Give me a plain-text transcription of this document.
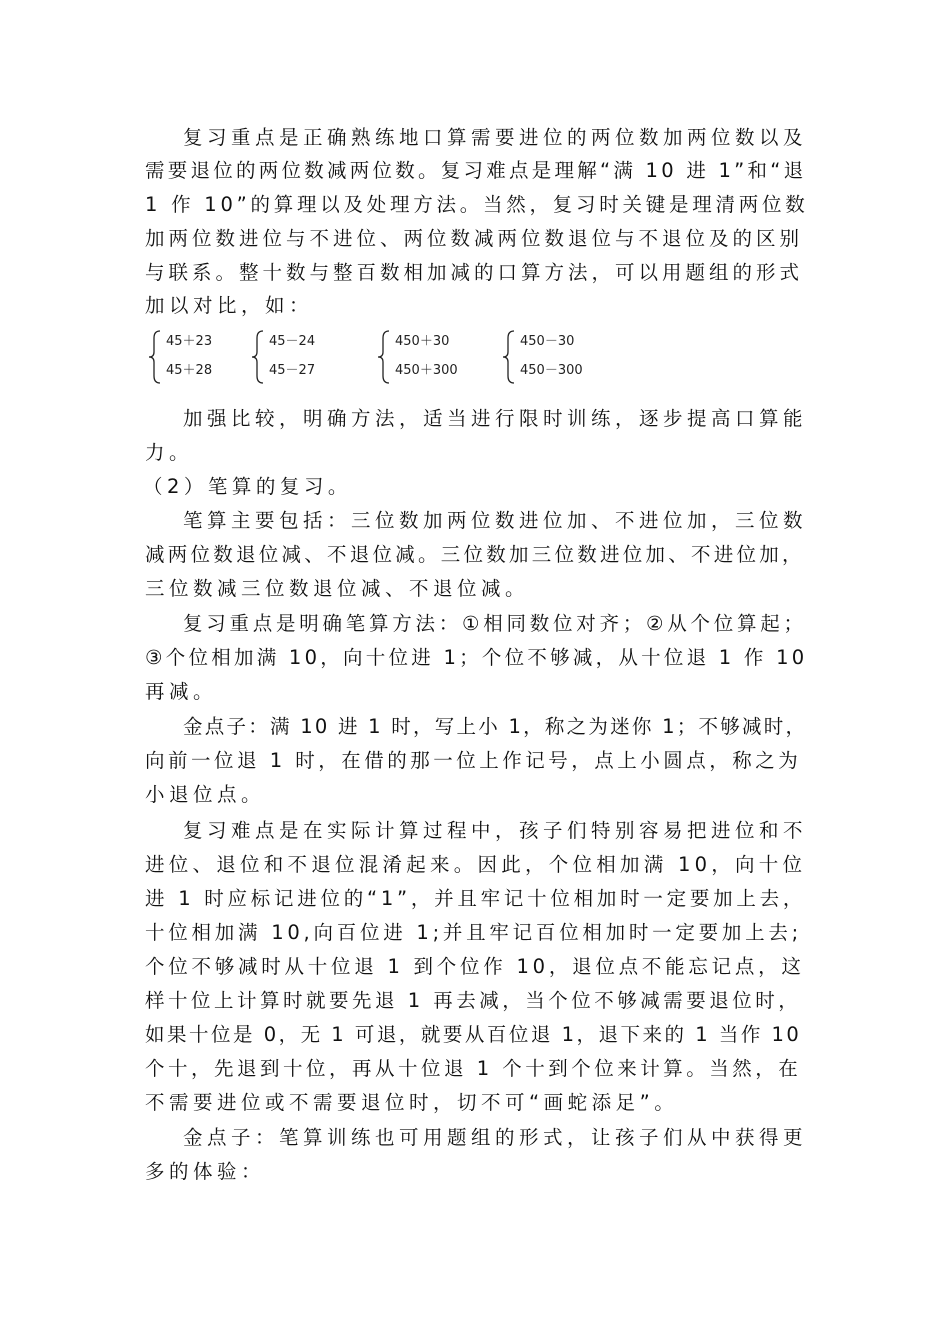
复习重点是正确熟练地口算需要进位的两位数加两位数以及
需要退位的两位数减两位数。复习难点是理解“满 10 进 1”和“退
1 作 10”的算理以及处理方法。当然，复习时关键是理清两位数
加两位数进位与不进位、两位数减两位数退位与不退位及的区别
与联系。整十数与整百数相加减的口算方法，可以用题组的形式
加以对比，如：
45＋23
45＋28
45－24
45－27
450＋30
450＋300
450－30
450－300
加强比较，明确方法，适当进行限时训练，逐步提高口算能
力。
（2）笔算的复习。
笔算主要包括：三位数加两位数进位加、不进位加，三位数
减两位数退位减、不退位减。三位数加三位数进位加、不进位加，
三位数减三位数退位减、不退位减。
复习重点是明确笔算方法：①相同数位对齐；②从个位算起；
③个位相加满 10，向十位进 1；个位不够减，从十位退 1 作 10
再减。
金点子：满 10 进 1 时，写上小 1，称之为迷你 1；不够减时，
向前一位退 1 时，在借的那一位上作记号，点上小圆点，称之为
小退位点。
复习难点是在实际计算过程中，孩子们特别容易把进位和不
进位、退位和不退位混淆起来。因此，个位相加满 10，向十位
进 1 时应标记进位的“1”，并且牢记十位相加时一定要加上去，
十位相加满 10,向百位进 1;并且牢记百位相加时一定要加上去;
个位不够减时从十位退 1 到个位作 10，退位点不能忘记点，这
样十位上计算时就要先退 1 再去减，当个位不够减需要退位时，
如果十位是 0，无 1 可退，就要从百位退 1，退下来的 1 当作 10
个十，先退到十位，再从十位退 1 个十到个位来计算。当然，在
不需要进位或不需要退位时，切不可“画蛇添足”。
金点子：笔算训练也可用题组的形式，让孩子们从中获得更
多的体验：
